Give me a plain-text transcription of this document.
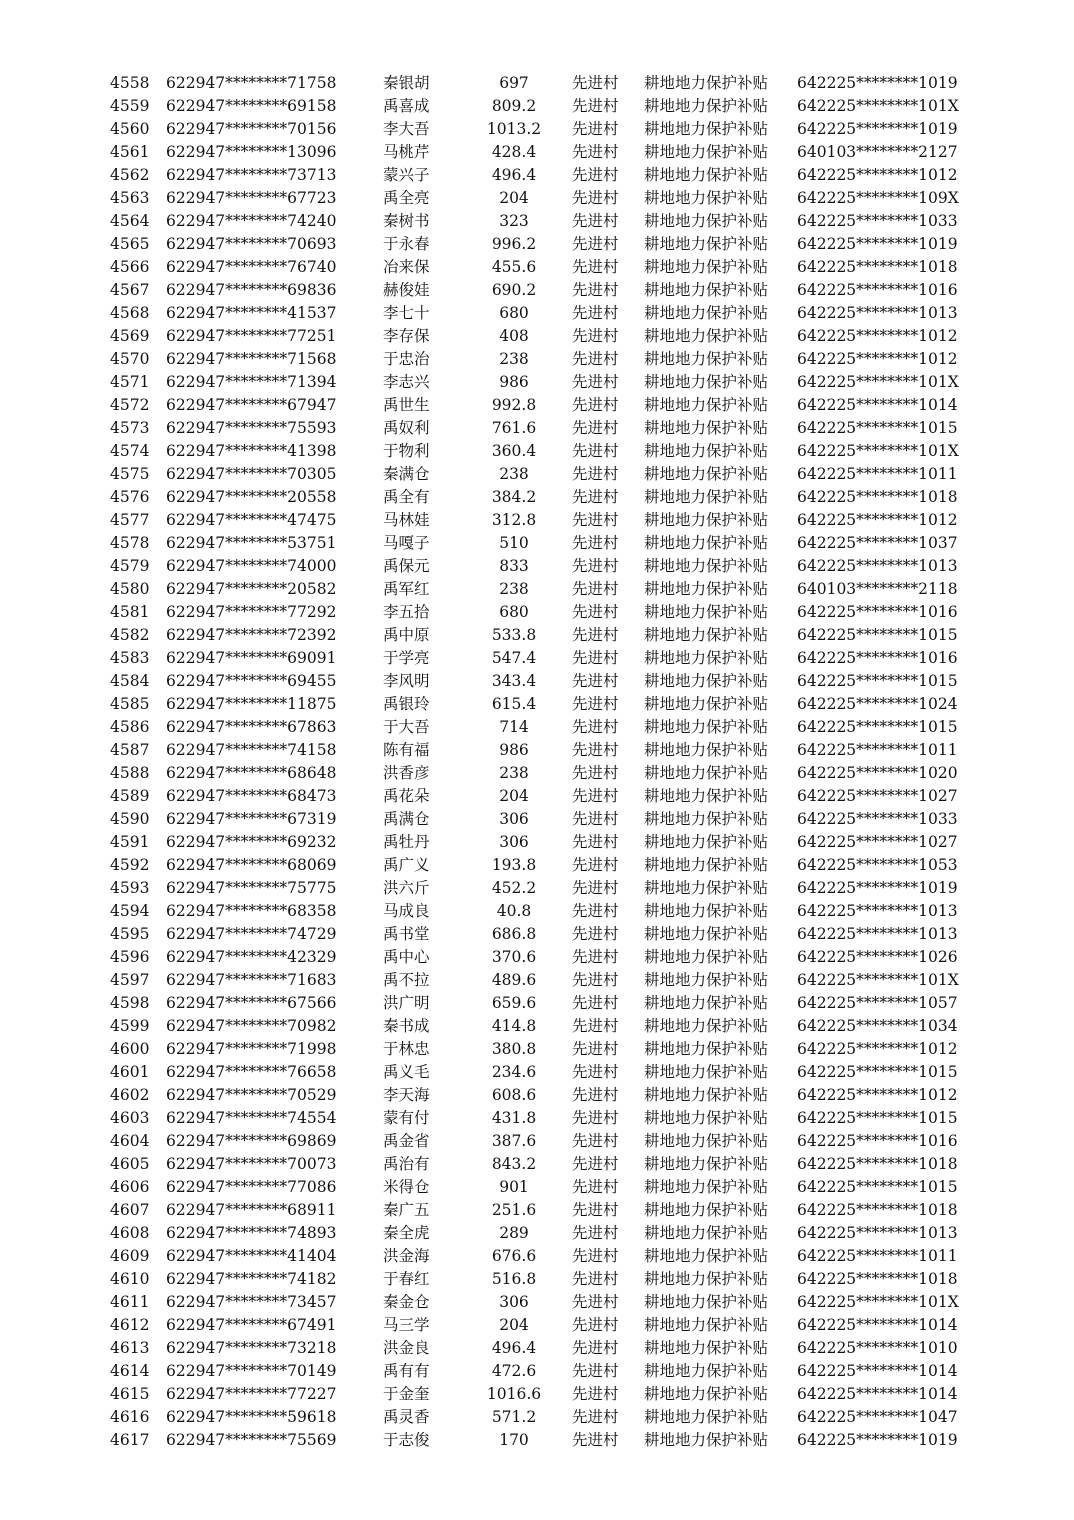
4558 622947********71758	秦银胡	697	先进村 耕地地力保护补贴 642225********1019
4559 622947********69158	禹喜成	809.2	先进村 耕地地力保护补贴 642225********101X
4560 622947********70156	李大吾	1013.2	先进村 耕地地力保护补贴 642225********1019
4561 622947********13096	马桃芹	428.4	先进村 耕地地力保护补贴 640103********2127
4562 622947********73713	蒙兴子	496.4	先进村 耕地地力保护补贴 642225********1012
4563 622947********67723	禹全亮	204	先进村 耕地地力保护补贴 642225********109X
4564 622947********74240	秦树书	323	先进村 耕地地力保护补贴 642225********1033
4565 622947********70693	于永春	996.2	先进村 耕地地力保护补贴 642225********1019
4566 622947********76740	冶来保	455.6	先进村 耕地地力保护补贴 642225********1018
4567 622947********69836	赫俊娃	690.2	先进村 耕地地力保护补贴 642225********1016
4568 622947********41537	李七十	680	先进村 耕地地力保护补贴 642225********1013
4569 622947********77251	李存保	408	先进村 耕地地力保护补贴 642225********1012
4570 622947********71568	于忠治	238	先进村 耕地地力保护补贴 642225********1012
4571 622947********71394	李志兴	986	先进村 耕地地力保护补贴 642225********101X
4572 622947********67947	禹世生	992.8	先进村 耕地地力保护补贴 642225********1014
4573 622947********75593	禹奴利	761.6	先进村 耕地地力保护补贴 642225********1015
4574 622947********41398	于物利	360.4	先进村 耕地地力保护补贴 642225********101X
4575 622947********70305	秦满仓	238	先进村 耕地地力保护补贴 642225********1011
4576 622947********20558	禹全有	384.2	先进村 耕地地力保护补贴 642225********1018
4577 622947********47475	马林娃	312.8	先进村 耕地地力保护补贴 642225********1012
4578 622947********53751	马嘎子	510	先进村 耕地地力保护补贴 642225********1037
4579 622947********74000	禹保元	833	先进村 耕地地力保护补贴 642225********1013
4580 622947********20582	禹军红	238	先进村 耕地地力保护补贴 640103********2118
4581 622947********77292	李五拾	680	先进村 耕地地力保护补贴 642225********1016
4582 622947********72392	禹中原	533.8	先进村 耕地地力保护补贴 642225********1015
4583 622947********69091	于学亮	547.4	先进村 耕地地力保护补贴 642225********1016
4584 622947********69455	李风明	343.4	先进村 耕地地力保护补贴 642225********1015
4585 622947********11875	禹银玲	615.4	先进村 耕地地力保护补贴 642225********1024
4586 622947********67863	于大吾	714	先进村 耕地地力保护补贴 642225********1015
4587 622947********74158	陈有福	986	先进村 耕地地力保护补贴 642225********1011
4588 622947********68648	洪香彦	238	先进村 耕地地力保护补贴 642225********1020
4589 622947********68473	禹花朵	204	先进村 耕地地力保护补贴 642225********1027
4590 622947********67319	禹满仓	306	先进村 耕地地力保护补贴 642225********1033
4591 622947********69232	禹牡丹	306	先进村 耕地地力保护补贴 642225********1027
4592 622947********68069	禹广义	193.8	先进村 耕地地力保护补贴 642225********1053
4593 622947********75775	洪六斤	452.2	先进村 耕地地力保护补贴 642225********1019
4594 622947********68358	马成良	40.8	先进村 耕地地力保护补贴 642225********1013
4595 622947********74729	禹书堂	686.8	先进村 耕地地力保护补贴 642225********1013
4596 622947********42329	禹中心	370.6	先进村 耕地地力保护补贴 642225********1026
4597 622947********71683	禹不拉	489.6	先进村 耕地地力保护补贴 642225********101X
4598 622947********67566	洪广明	659.6	先进村 耕地地力保护补贴 642225********1057
4599 622947********70982	秦书成	414.8	先进村 耕地地力保护补贴 642225********1034
4600 622947********71998	于林忠	380.8	先进村 耕地地力保护补贴 642225********1012
4601 622947********76658	禹义毛	234.6	先进村 耕地地力保护补贴 642225********1015
4602 622947********70529	李天海	608.6	先进村 耕地地力保护补贴 642225********1012
4603 622947********74554	蒙有付	431.8	先进村 耕地地力保护补贴 642225********1015
4604 622947********69869	禹金省	387.6	先进村 耕地地力保护补贴 642225********1016
4605 622947********70073	禹治有	843.2	先进村 耕地地力保护补贴 642225********1018
4606 622947********77086	米得仓	901	先进村 耕地地力保护补贴 642225********1015
4607 622947********68911	秦广五	251.6	先进村 耕地地力保护补贴 642225********1018
4608 622947********74893	秦全虎	289	先进村 耕地地力保护补贴 642225********1013
4609 622947********41404	洪金海	676.6	先进村 耕地地力保护补贴 642225********1011
4610 622947********74182	于春红	516.8	先进村 耕地地力保护补贴 642225********1018
4611 622947********73457	秦金仓	306	先进村 耕地地力保护补贴 642225********101X
4612 622947********67491	马三学	204	先进村 耕地地力保护补贴 642225********1014
4613 622947********73218	洪金良	496.4	先进村 耕地地力保护补贴 642225********1010
4614 622947********70149	禹有有	472.6	先进村 耕地地力保护补贴 642225********1014
4615 622947********77227	于金奎	1016.6	先进村 耕地地力保护补贴 642225********1014
4616 622947********59618	禹灵香	571.2	先进村 耕地地力保护补贴 642225********1047
4617 622947********75569	于志俊	170	先进村 耕地地力保护补贴 642225********1019
